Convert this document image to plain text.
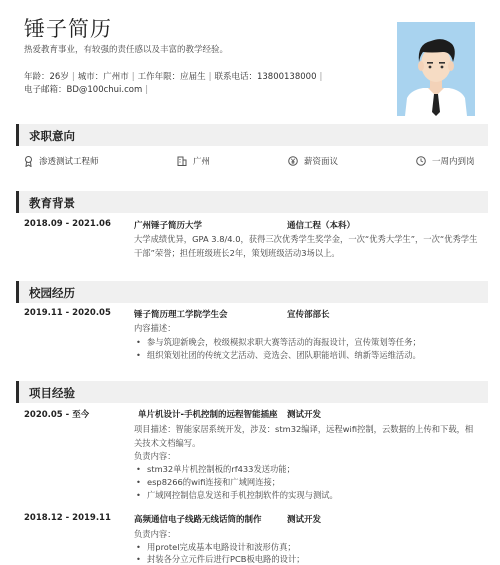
锤子简历
热爱教育事业，有较强的责任感以及丰富的教学经验。
年龄：26岁 | 城市：广州市 | 工作年限：应届生 | 联系电话：13800138000 |
电子邮箱：BD@100chui.com |
求职意向
渗透测试工程师	广州	薪资面议	一周内到岗
教育背景
2018.09 - 2021.06	广州锤子简历大学	通信工程（本科）
大学成绩优异，GPA 3.8/4.0，获得三次优秀学生奖学金，一次“优秀大学生”，一次“优秀学生干部”荣誉；担任班级班长2年，策划班级活动3场以上。
校园经历
2019.11 - 2020.05	锤子简历理工学院学生会	宣传部部长
内容描述：
• 参与筑迎新晚会，校级模拟求职大赛等活动的海报设计，宣传策划等任务；
• 组织策划社团的传统文艺活动、竞选会、团队职能培训、纳新等运维活动。
项目经验
2020.05 - 至今	单片机设计-手机控制的远程智能插座 测试开发
项目描述：智能家居系统开发，涉及：stm32编译，远程wifi控制，云数据的上传和下载，相关技术文档编写。
负责内容：
• stm32单片机控制板的rf433发送功能；
• esp8266的wifi连接和广域网连接；
• 广域网控制信息发送和手机控制软件的实现与测试。
2018.12 - 2019.11	高频通信电子线路无线话筒的制作	测试开发
负责内容：
• 用protel完成基本电路设计和波形仿真；
• 封装各分立元件后进行PCB板电路的设计；
